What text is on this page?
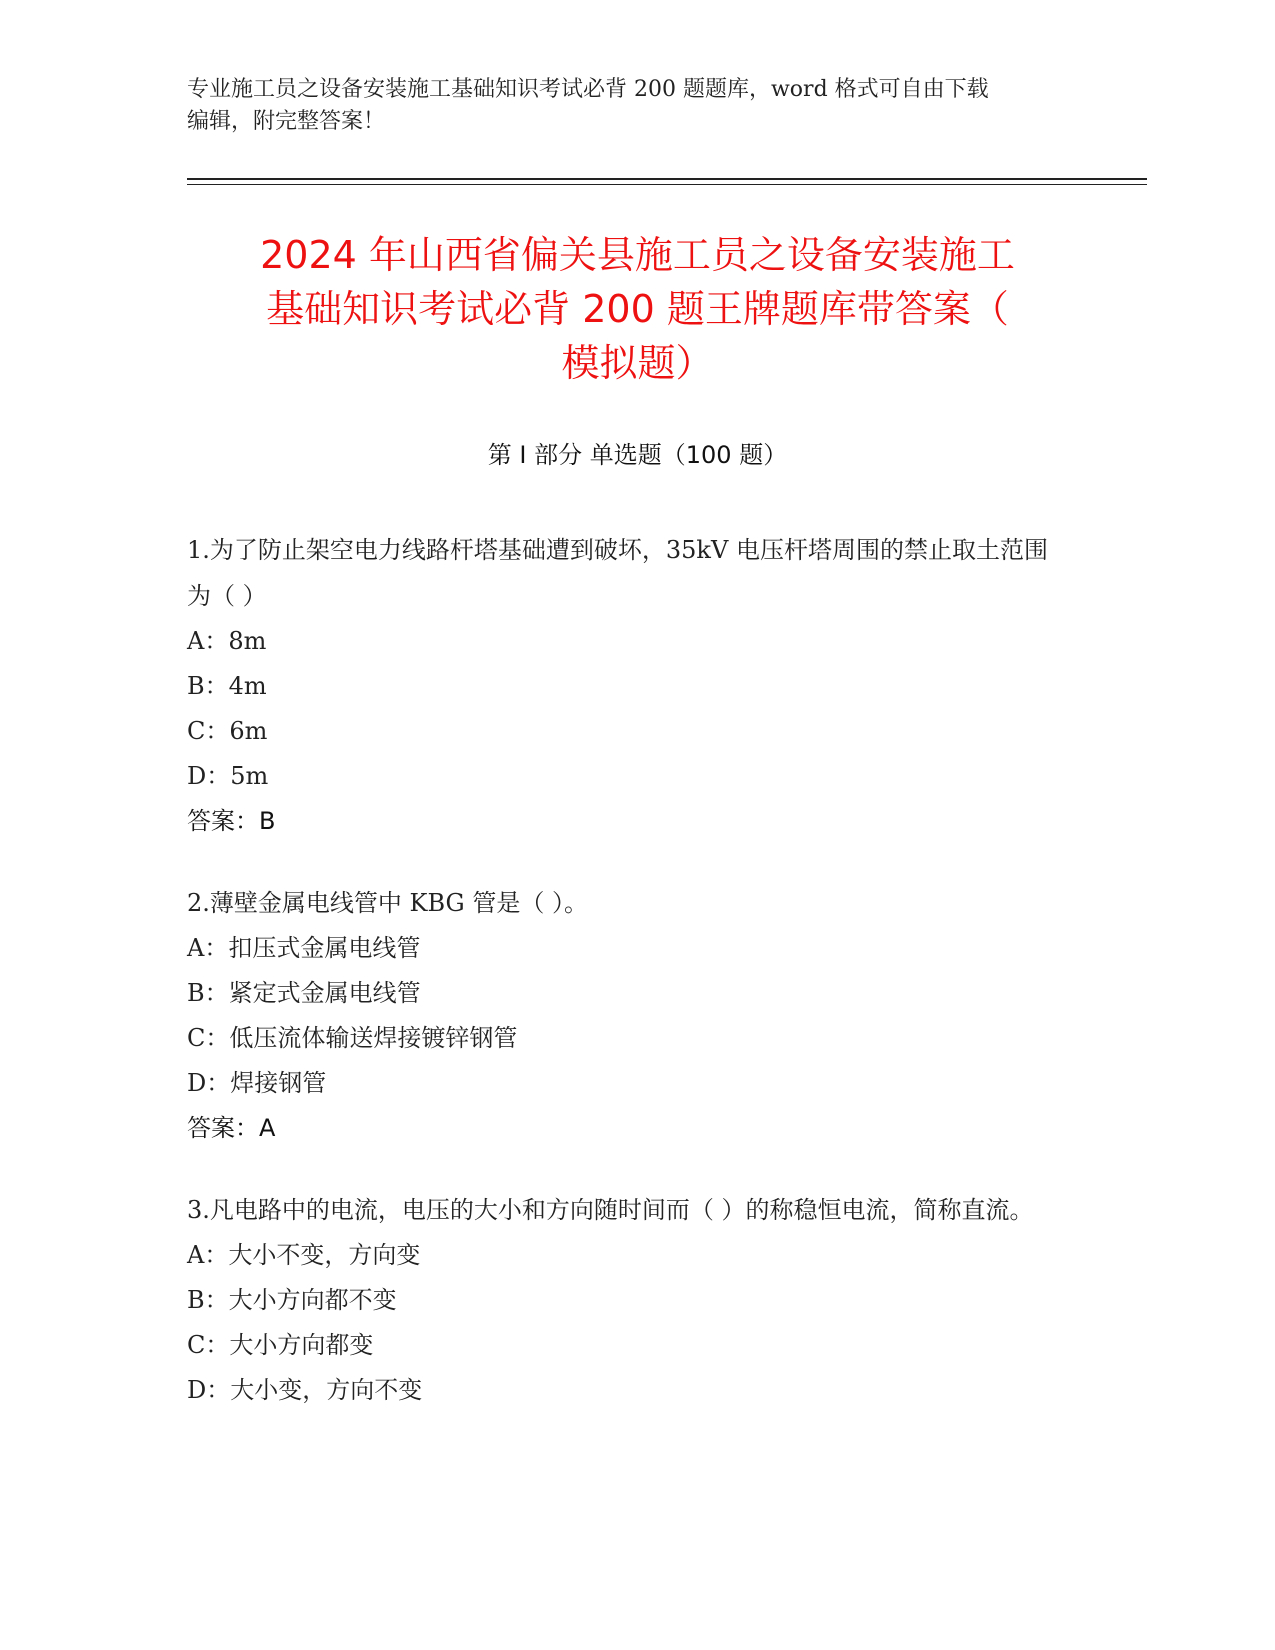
专业施工员之设备安装施工基础知识考试必背 200 题题库，word 格式可自由下载
编辑，附完整答案！
2024 年山西省偏关县施工员之设备安装施工
基础知识考试必背 200 题王牌题库带答案（
模拟题）
第 I 部分 单选题（100 题）
1.为了防止架空电力线路杆塔基础遭到破坏，35kV 电压杆塔周围的禁止取土范围为（ ）
A：8m
B：4m
C：6m
D：5m
答案：B
2.薄壁金属电线管中 KBG 管是（ ）。
A：扣压式金属电线管
B：紧定式金属电线管
C：低压流体输送焊接镀锌钢管
D：焊接钢管
答案：A
3.凡电路中的电流，电压的大小和方向随时间而（ ）的称稳恒电流，简称直流。
A：大小不变，方向变
B：大小方向都不变
C：大小方向都变
D：大小变，方向不变
